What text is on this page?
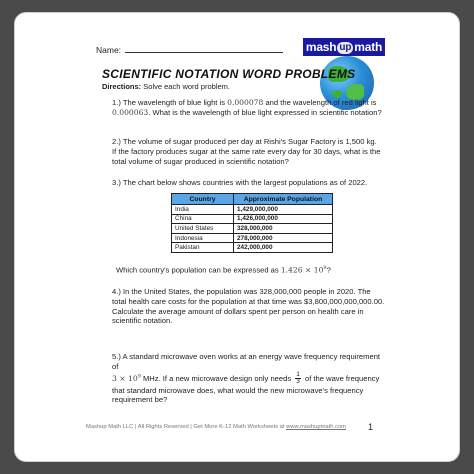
Name:	mash up math
SCIENTIFIC NOTATION WORD PROBLEMS
Directions: Solve each word problem.
1.) The wavelength of blue light is 0.000078 and the wavelength of red light is 0.000063. What is the wavelength of blue light expressed in scientific notation?
2.) The volume of sugar produced per day at Rishi's Sugar Factory is 1,500 kg. If the factory produces sugar at the same rate every day for 30 days, what is the total volume of sugar produced in scientific notation?
3.) The chart below shows countries with the largest populations as of 2022.
Country	Approximate Population
India	1,429,000,000
China	1,426,000,000
United States	328,000,000
Indonesia	278,000,000
Pakistan	242,000,000
Which country's population can be expressed as $1.426 \times 10^9$?
4.) In the United States, the population was 328,000,000 people in 2020. The total health care costs for the population at that time was $3,800,000,000,000.00. Calculate the average amount of dollars spent per person on health care in scientific notation.
5.) A standard microwave oven works at an energy wave frequency requirement of
$3 \times 10^9$ MHz. If a new microwave design only needs $\frac{1}{3}$ of the wave frequency that standard microwave does, what would the new microwave's frequency requirement be?
Mashup Math LLC | All Rights Reserved | Get More K-12 Math Worksheets at www.mashupmath.com 1
